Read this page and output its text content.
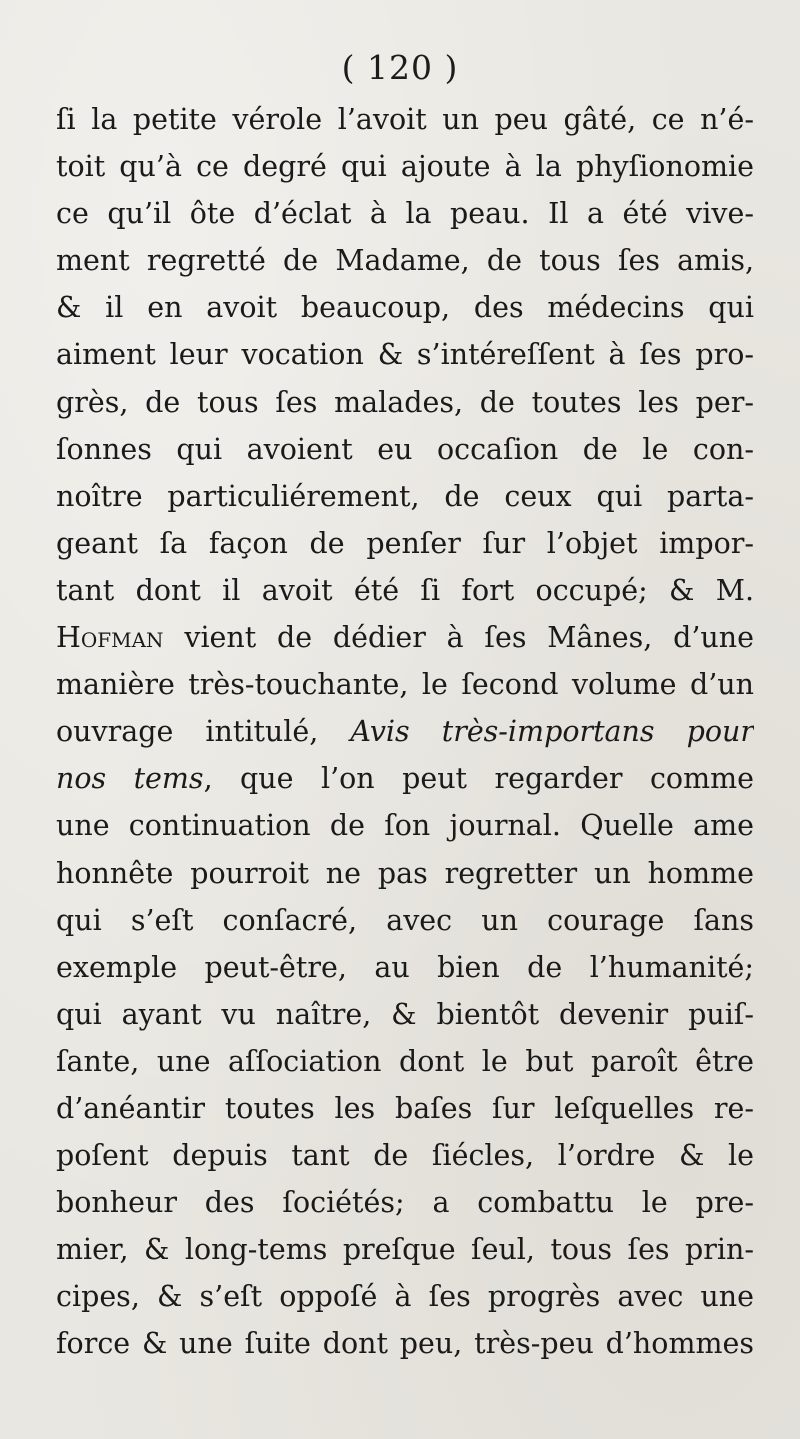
( 120 )
ſi la petite vérole l’avoit un peu gâté, ce n’é-
toit qu’à ce degré qui ajoute à la phyſionomie
ce qu’il ôte d’éclat à la peau. Il a été vive-
ment regretté de Madame, de tous ſes amis,
& il en avoit beaucoup, des médecins qui
aiment leur vocation & s’intéreſſent à ſes pro-
grès, de tous ſes malades, de toutes les per-
ſonnes qui avoient eu occaſion de le con-
noître particuliérement, de ceux qui parta-
geant ſa façon de penſer ſur l’objet impor-
tant dont il avoit été ſi fort occupé; & M.
Hofman vient de dédier à ſes Mânes, d’une
manière très-touchante, le ſecond volume d’un
ouvrage intitulé, Avis très-importans pour
nos tems, que l’on peut regarder comme
une continuation de ſon journal. Quelle ame
honnête pourroit ne pas regretter un homme
qui s’eſt conſacré, avec un courage ſans
exemple peut-être, au bien de l’humanité;
qui ayant vu naître, & bientôt devenir puiſ-
ſante, une aſſociation dont le but paroît être
d’anéantir toutes les baſes ſur leſquelles re-
poſent depuis tant de ſiécles, l’ordre & le
bonheur des ſociétés; a combattu le pre-
mier, & long-tems preſque ſeul, tous ſes prin-
cipes, & s’eſt oppoſé à ſes progrès avec une
force & une ſuite dont peu, très-peu d’hommes
